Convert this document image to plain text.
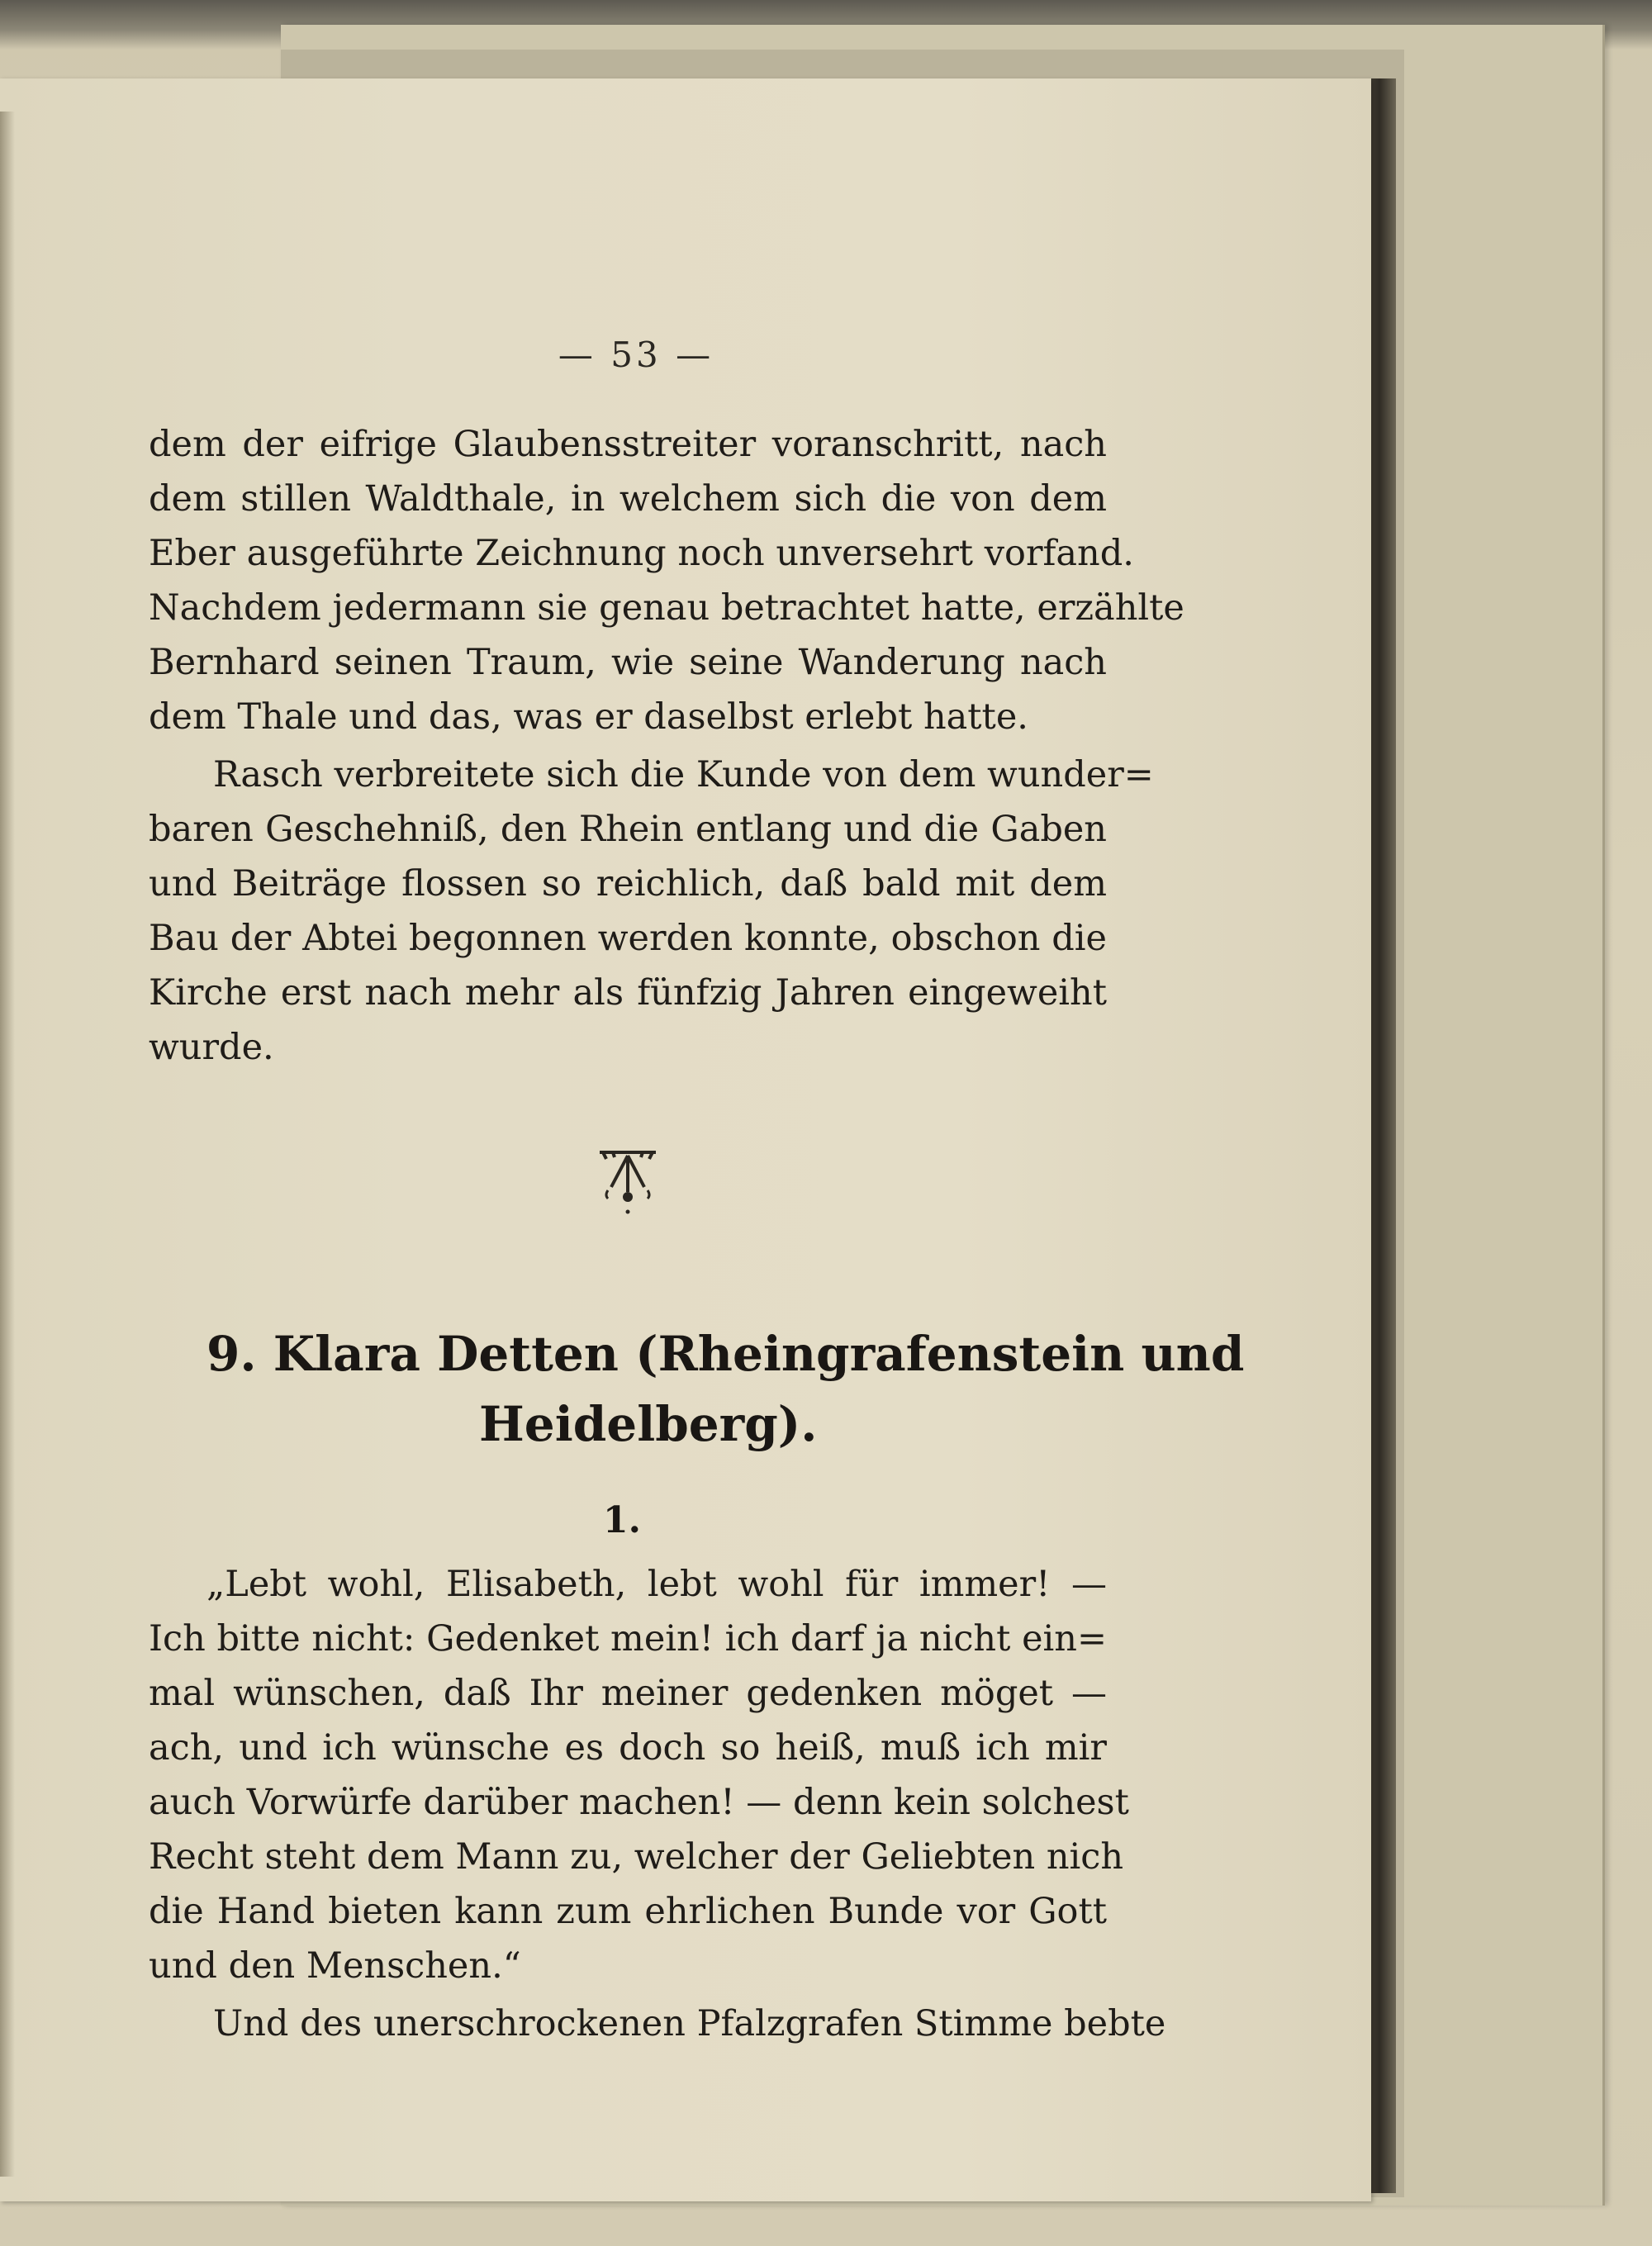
— 53 —
dem der eifrige Glaubensstreiter voranschritt, nach
dem stillen Waldthale, in welchem sich die von dem
Eber ausgeführte Zeichnung noch unversehrt vorfand.
Nachdem jedermann sie genau betrachtet hatte, erzählte
Bernhard seinen Traum, wie seine Wanderung nach
dem Thale und das, was er daselbst erlebt hatte.
Rasch verbreitete sich die Kunde von dem wunder=
baren Geschehniß, den Rhein entlang und die Gaben
und Beiträge flossen so reichlich, daß bald mit dem
Bau der Abtei begonnen werden konnte, obschon die
Kirche erst nach mehr als fünfzig Jahren eingeweiht
wurde.
9. Klara Detten (Rheingrafenstein und
Heidelberg).
1.
„Lebt wohl, Elisabeth, lebt wohl für immer! —
Ich bitte nicht: Gedenket mein! ich darf ja nicht ein=
mal wünschen, daß Ihr meiner gedenken möget —
ach, und ich wünsche es doch so heiß, muß ich mir
auch Vorwürfe darüber machen! — denn kein solchest
Recht steht dem Mann zu, welcher der Geliebten nich
die Hand bieten kann zum ehrlichen Bunde vor Gott
und den Menschen.“
Und des unerschrockenen Pfalzgrafen Stimme bebte
